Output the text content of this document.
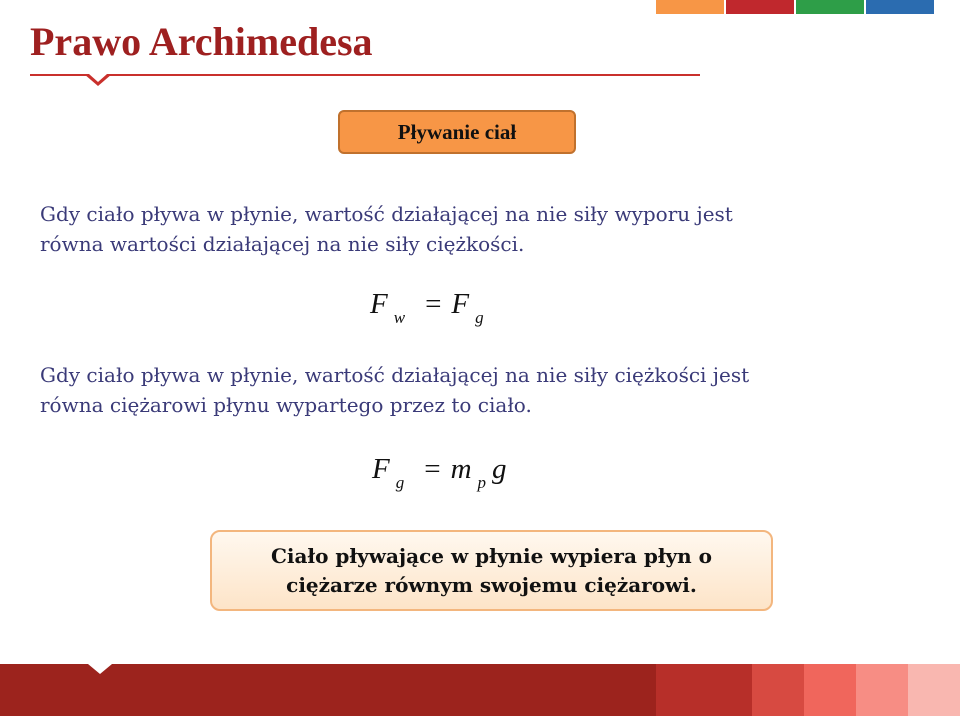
Prawo Archimedesa
Pływanie ciał

Gdy ciało pływa w płynie, wartość działającej na nie siły wyporu jest
równa wartości działającej na nie siły ciężkości.

Fw = F g

Gdy ciało pływa w płynie, wartość działającej na nie siły ciężkości jest
równa ciężarowi płynu wypartego przez to ciało.

Fg = m p g
Ciało pływające w płynie wypiera płyn o
ciężarze równym swojemu ciężarowi.
